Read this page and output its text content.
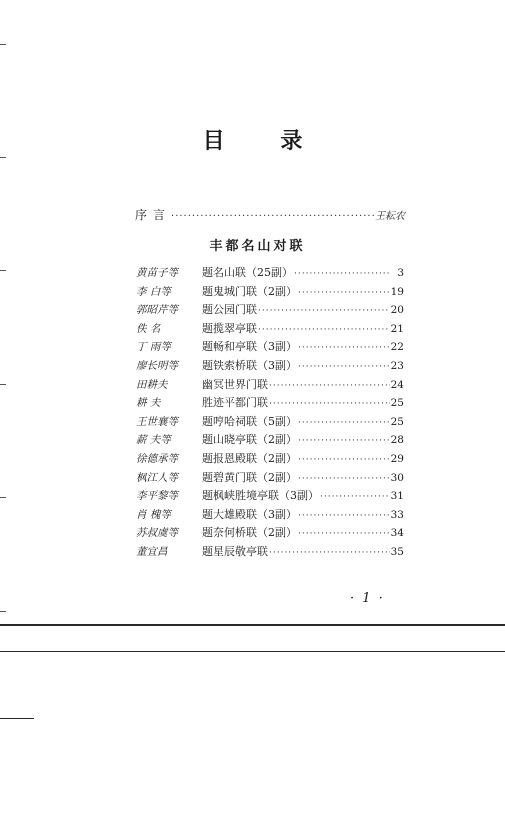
目 录
序言 ·····	王耘农
丰都名山对联
黄苗子等	题名山联（25副） ·····	3
李 白等	题鬼城门联（2副） ·····	19
郭昭芹等	题公园门联 ·····	20
佚 名	题揽翠亭联 ·····	21
丁 雨等	题畅和亭联（3副） ·····	22
廖长明等	题铁索桥联（3副） ·····	23
田耕夫	幽冥世界门联 ·····	24
耕 夫	胜迹平都门联 ·····	25
王世襄等	题哼哈祠联（5副） ·····	25
薪 夫等	题山晓亭联（2副） ·····	28
徐德承等	题报恩殿联（2副） ·····	29
枫江人等	题碧黄门联（2副） ·····	30
李平黎等	题枫峡胜境亭联（3副） ·····	31
肖 槐等	题大雄殿联（3副） ·····	33
苏叔虞等	题奈何桥联（2副） ·····	34
董宜昌	题星辰敬亭联 ·····	35
· 1 ·
